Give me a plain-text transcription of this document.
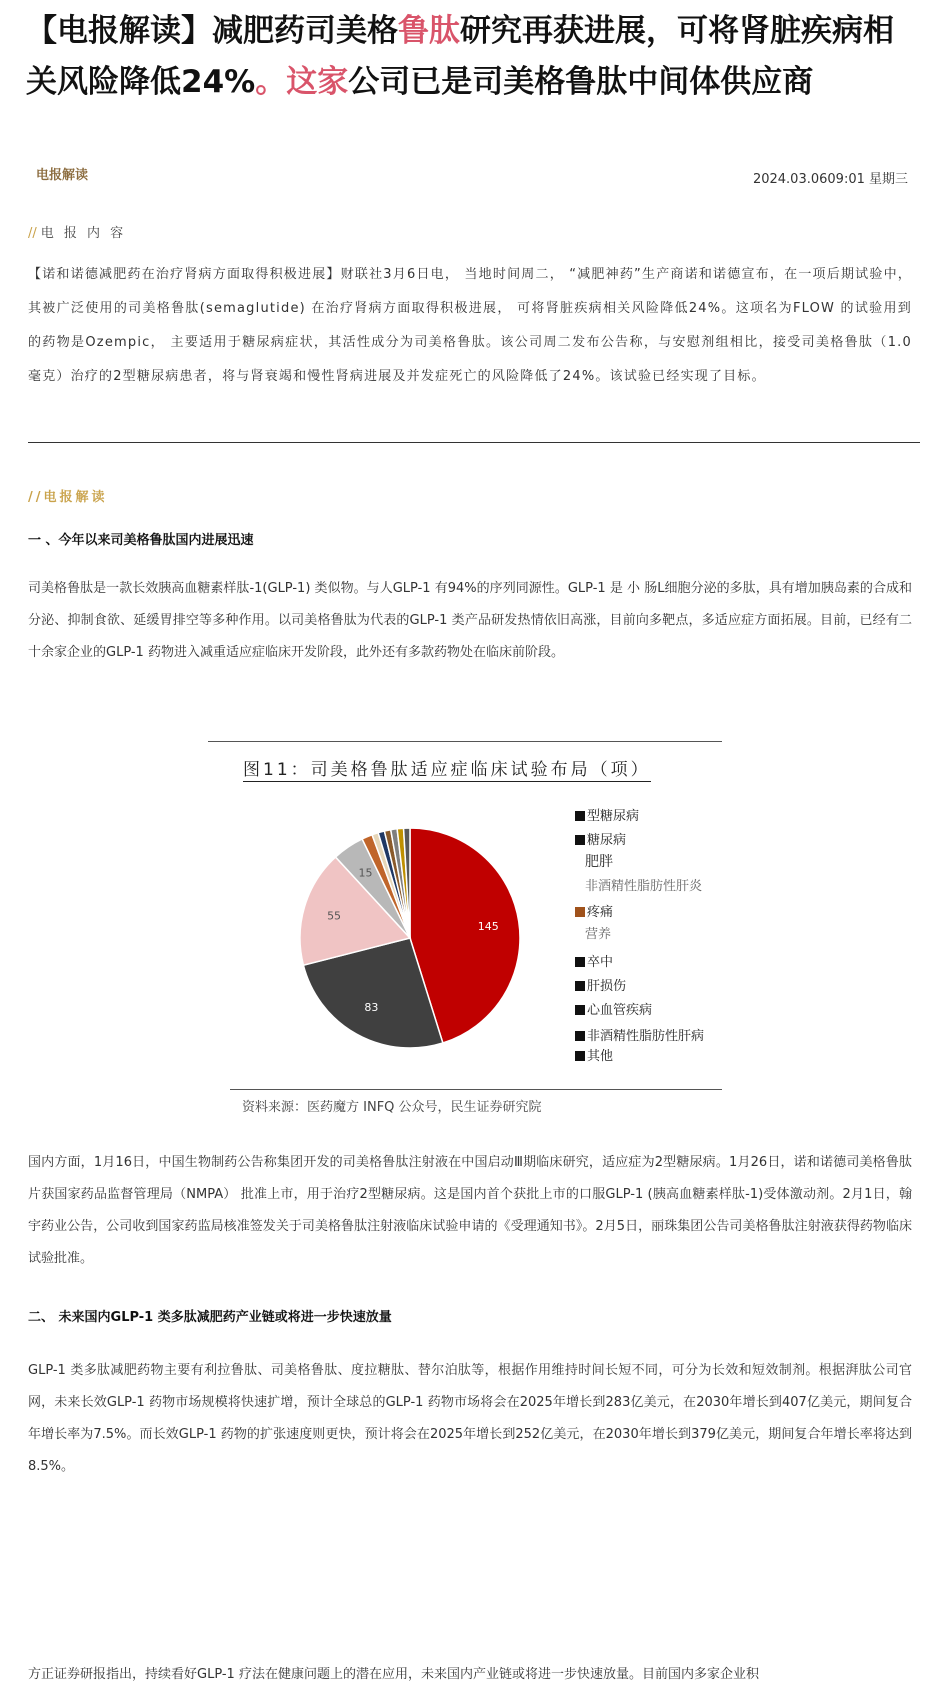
【电报解读】减肥药司美格鲁肽研究再获进展，可将肾脏疾病相关风险降低24%。这家公司已是司美格鲁肽中间体供应商
电报解读	2024.03.0609:01 星期三
// 电 报 内 容
【诺和诺德减肥药在治疗肾病方面取得积极进展】财联社3月6日电， 当地时间周二， “减肥神药”生产商诺和诺德宣布，在一项后期试验中，其被广泛使用的司美格鲁肽(semaglutide) 在治疗肾病方面取得积极进展， 可将肾脏疾病相关风险降低24%。这项名为FLOW 的试验用到的药物是Ozempic， 主要适用于糖尿病症状，其活性成分为司美格鲁肽。该公司周二发布公告称，与安慰剂组相比，接受司美格鲁肽（1.0毫克）治疗的2型糖尿病患者，将与肾衰竭和慢性肾病进展及并发症死亡的风险降低了24%。该试验已经实现了目标。
//电报解读
一 、今年以来司美格鲁肽国内进展迅速
司美格鲁肽是一款长效胰高血糖素样肽-1(GLP-1) 类似物。与人GLP-1 有94%的序列同源性。GLP-1 是 小 肠L细胞分泌的多肽，具有增加胰岛素的合成和分泌、抑制食欲、延缓胃排空等多种作用。以司美格鲁肽为代表的GLP-1 类产品研发热情依旧高涨，目前向多靶点，多适应症方面拓展。目前，已经有二十余家企业的GLP-1 药物进入减重适应症临床开发阶段，此外还有多款药物处在临床前阶段。
图11：司美格鲁肽适应症临床试验布局（项）
145
83
55
15
型糖尿病
糖尿病
肥胖
非酒精性脂肪性肝炎
疼痛
营养
卒中
肝损伤
心血管疾病
非酒精性脂肪性肝病
其他
资料来源：医药魔方 INFQ 公众号，民生证券研究院
国内方面，1月16日，中国生物制药公告称集团开发的司美格鲁肽注射液在中国启动Ⅲ期临床研究，适应症为2型糖尿病。1月26日，诺和诺德司美格鲁肽片获国家药品监督管理局（NMPA） 批准上市，用于治疗2型糖尿病。这是国内首个获批上市的口服GLP-1 (胰高血糖素样肽-1)受体激动剂。2月1日，翰宇药业公告，公司收到国家药监局核准签发关于司美格鲁肽注射液临床试验申请的《受理通知书》。2月5日，丽珠集团公告司美格鲁肽注射液获得药物临床试验批准。
二、 未来国内GLP-1 类多肽减肥药产业链或将进一步快速放量
GLP-1 类多肽减肥药物主要有利拉鲁肽、司美格鲁肽、度拉糖肽、替尔泊肽等，根据作用维持时间长短不同，可分为长效和短效制剂。根据湃肽公司官网，未来长效GLP-1 药物市场规模将快速扩增，预计全球总的GLP-1 药物市场将会在2025年增长到283亿美元，在2030年增长到407亿美元，期间复合年增长率为7.5%。而长效GLP-1 药物的扩张速度则更快，预计将会在2025年增长到252亿美元，在2030年增长到379亿美元，期间复合年增长率将达到8.5%。
方正证券研报指出，持续看好GLP-1 疗法在健康问题上的潜在应用，未来国内产业链或将进一步快速放量。目前国内多家企业积
